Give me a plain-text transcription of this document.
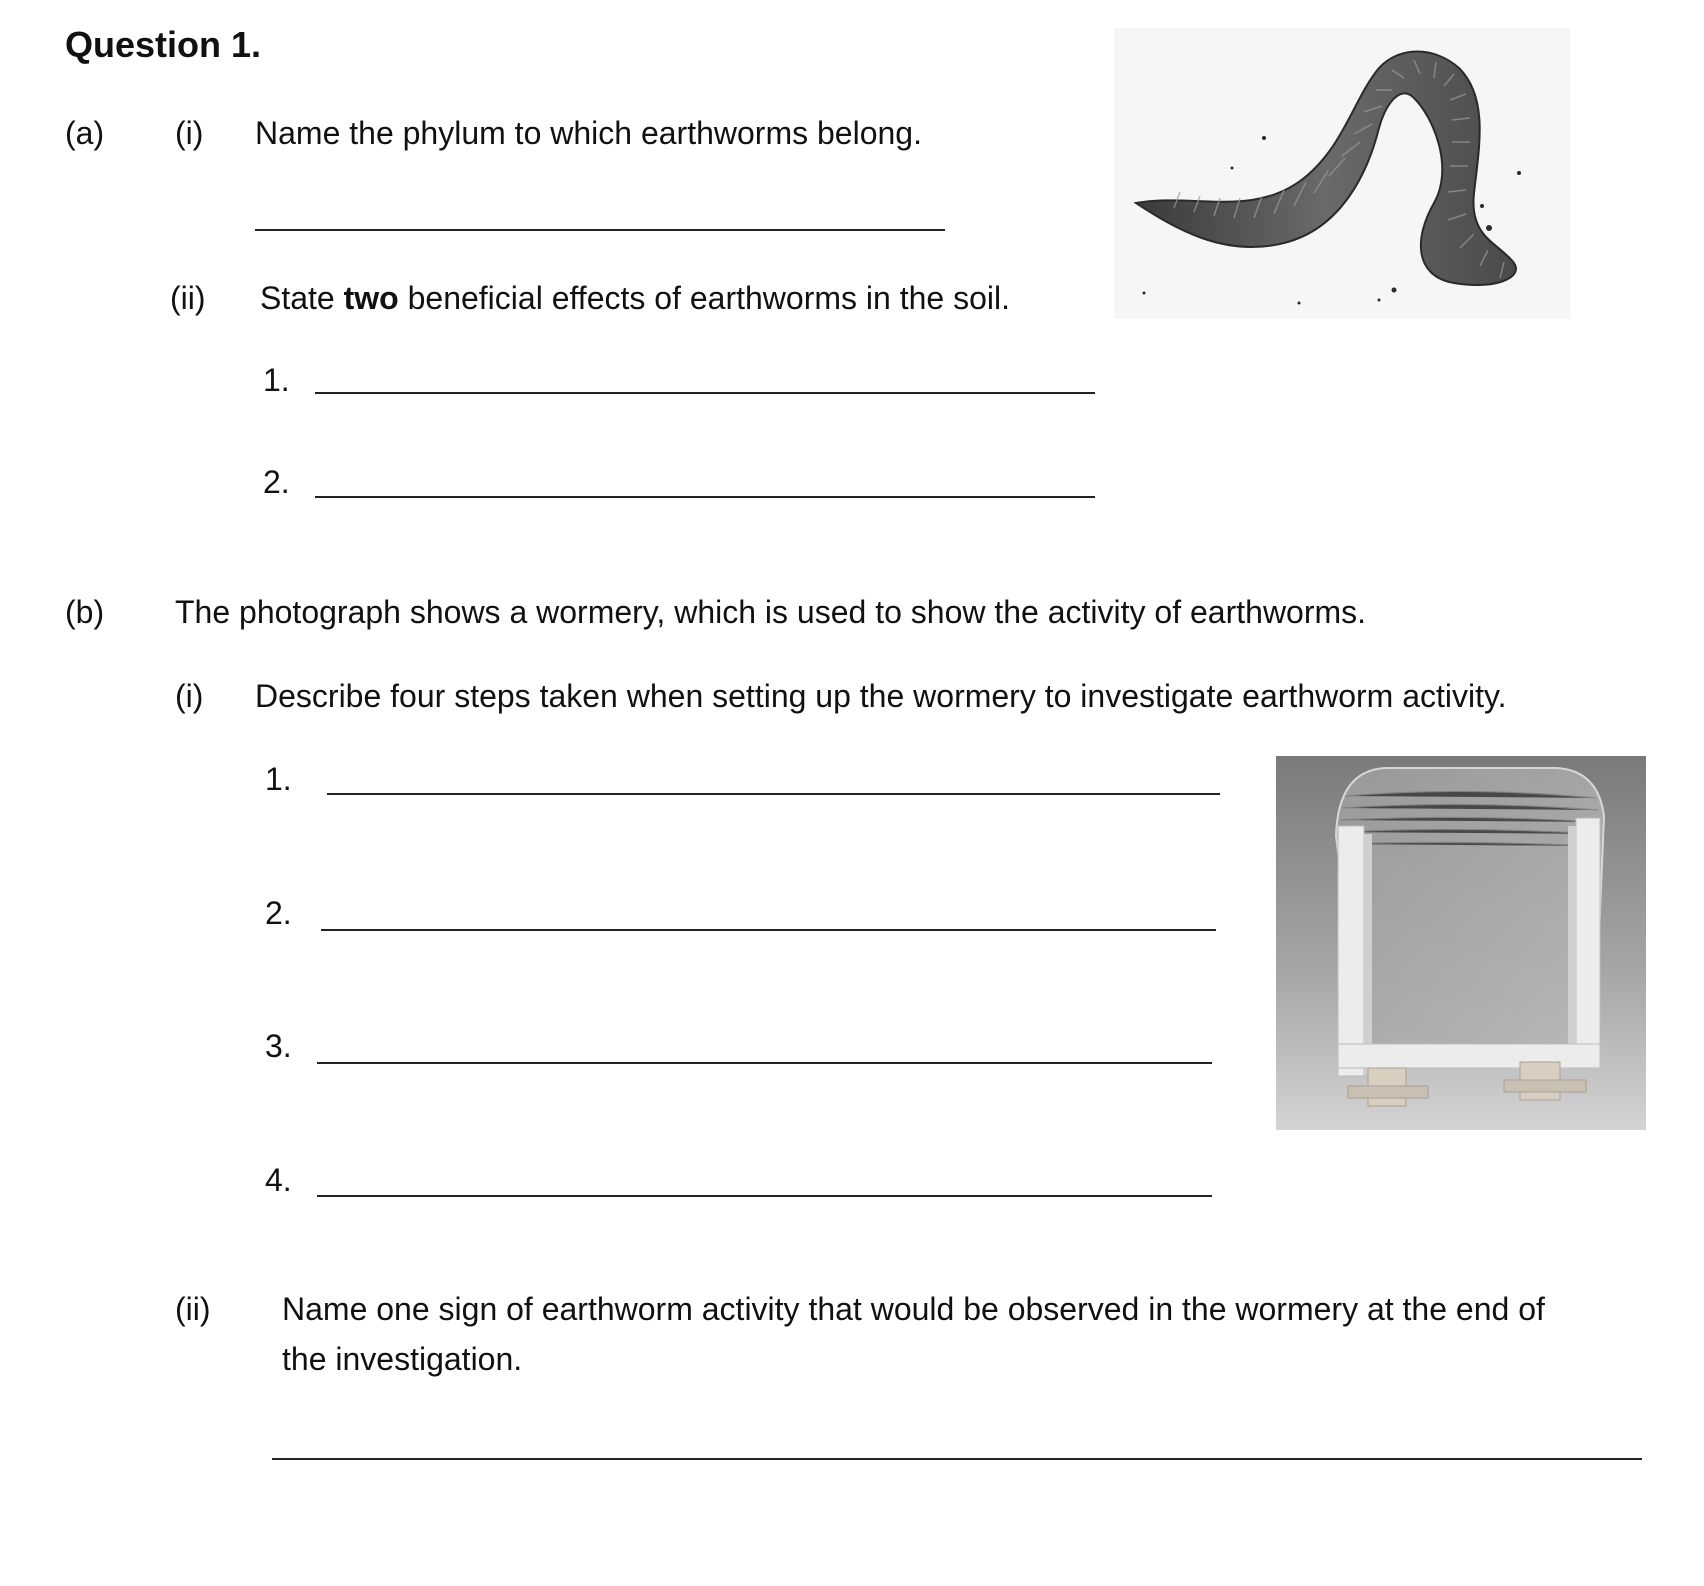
Question 1.
(a) (i) Name the phylum to which earthworms belong.
(ii) State two beneficial effects of earthworms in the soil.
1.
2.
(b) The photograph shows a wormery, which is used to show the activity of earthworms.
(i) Describe four steps taken when setting up the wormery to investigate earthworm activity.
1.
2.
3.
4.
(ii) Name one sign of earthworm activity that would be observed in the wormery at the end of
the investigation.
